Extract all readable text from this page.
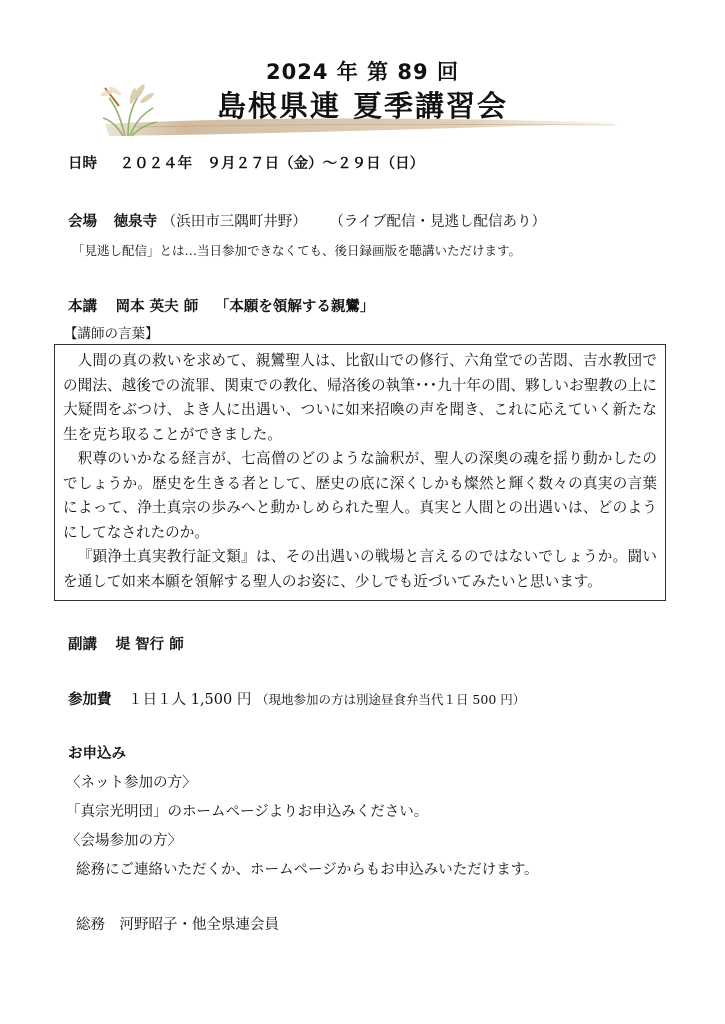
2024 年 第 89 回
島根県連 夏季講習会
日時 ２０２４年　９月２７日（金）～２９日（日）
会場 徳泉寺 （浜田市三隅町井野） （ライブ配信・見逃し配信あり）
「見逃し配信」とは…当日参加できなくても、後日録画版を聴講いただけます。
本講 岡本 英夫 師 「本願を領解する親鸞」
【講師の言葉】

人間の真の救いを求めて、親鸞聖人は、比叡山での修行、六角堂での苦悶、吉水教団での聞法、越後での流罪、関東での教化、帰洛後の執筆･･･九十年の間、夥しいお聖教の上に大疑問をぶつけ、よき人に出遇い、ついに如来招喚の声を聞き、これに応えていく新たな生を克ち取ることができました。

釈尊のいかなる経言が、七高僧のどのような論釈が、聖人の深奥の魂を揺り動かしたのでしょうか。歴史を生きる者として、歴史の底に深くしかも燦然と輝く数々の真実の言葉によって、浄土真宗の歩みへと動かしめられた聖人。真実と人間との出遇いは、どのようにしてなされたのか。

『顕浄土真実教行証文類』は、その出遇いの戦場と言えるのではないでしょうか。闘いを通して如来本願を領解する聖人のお姿に、少しでも近づいてみたいと思います。

副講 堤 智行 師
参加費 １日１人 1,500 円 （現地参加の方は別途昼食弁当代１日 500 円）
お申込み
〈ネット参加の方〉
「真宗光明団」のホームページよりお申込みください。
〈会場参加の方〉
総務にご連絡いただくか、ホームページからもお申込みいただけます。
総務　河野昭子・他全県連会員
